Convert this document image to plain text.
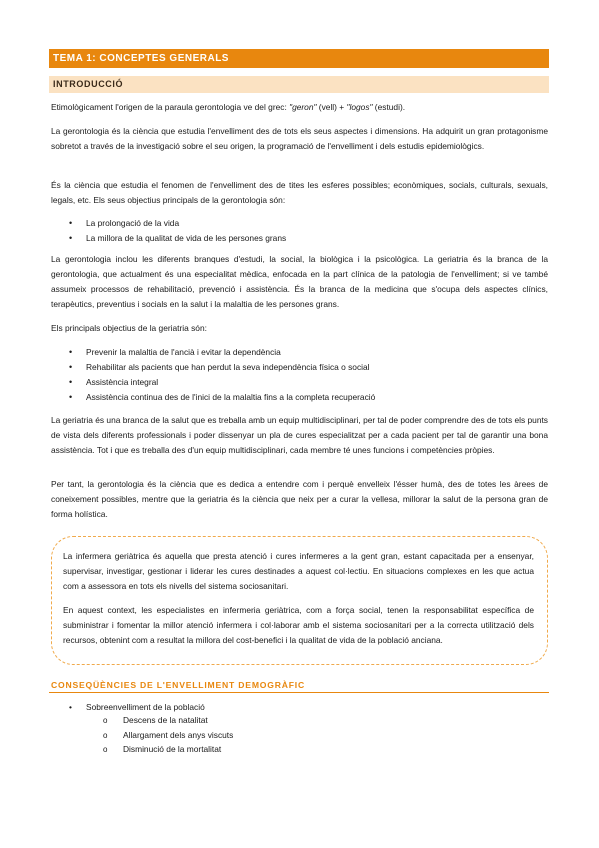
TEMA 1: CONCEPTES GENERALS
INTRODUCCIÓ

Etimològicament l'origen de la paraula gerontologia ve del grec: "geron" (vell) + "logos" (estudi).

La gerontologia és la ciència que estudia l'envelliment des de tots els seus aspectes i dimensions. Ha adquirit un gran protagonisme sobretot a través de la investigació sobre el seu origen, la programació de l'envelliment i dels estudis epidemiològics.

És la ciència que estudia el fenomen de l'envelliment des de tites les esferes possibles; econòmiques, socials, culturals, sexuals, legals, etc. Els seus objectius principals de la gerontologia són:

• La prolongació de la vida
• La millora de la qualitat de vida de les persones grans

La gerontologia inclou les diferents branques d'estudi, la social, la biològica i la psicològica. La geriatria és la branca de la gerontologia, que actualment és una especialitat mèdica, enfocada en la part clínica de la patologia de l'envelliment; si ve també assumeix processos de rehabilitació, prevenció i assistència. És la branca de la medicina que s'ocupa dels aspectes clínics, terapèutics, preventius i socials en la salut i la malaltia de les persones grans.

Els principals objectius de la geriatria són:

• Prevenir la malaltia de l'ancià i evitar la dependència
• Rehabilitar als pacients que han perdut la seva independència física o social
• Assistència integral
• Assistència continua des de l'inici de la malaltia fins a la completa recuperació

La geriatria és una branca de la salut que es treballa amb un equip multidisciplinari, per tal de poder comprendre des de tots els punts de vista dels diferents professionals i poder dissenyar un pla de cures especialitzat per a cada pacient per tal de garantir una bona assistència. Tot i que es treballa des d'un equip multidisciplinari, cada membre té unes funcions i competències pròpies.

Per tant, la gerontologia és la ciència que es dedica a entendre com i perquè envelleix l'ésser humà, des de totes les àrees de coneixement possibles, mentre que la geriatria és la ciència que neix per a curar la vellesa, millorar la salut de la persona gran de forma holística.

La infermera geriàtrica és aquella que presta atenció i cures infermeres a la gent gran, estant capacitada per a ensenyar, supervisar, investigar, gestionar i liderar les cures destinades a aquest col·lectiu. En situacions complexes en les que actua com a assessora en tots els nivells del sistema sociosanitari.

En aquest context, les especialistes en infermeria geriàtrica, com a força social, tenen la responsabilitat específica de subministrar i fomentar la millor atenció infermera i col·laborar amb el sistema sociosanitari per a la correcta utilització dels recursos, obtenint com a resultat la millora del cost-benefici i la qualitat de vida de la població anciana.

CONSEQÜÈNCIES DE L'ENVELLIMENT DEMOGRÀFIC
• Sobreenvelliment de la població
o Descens de la natalitat
o Allargament dels anys viscuts
o Disminució de la mortalitat
